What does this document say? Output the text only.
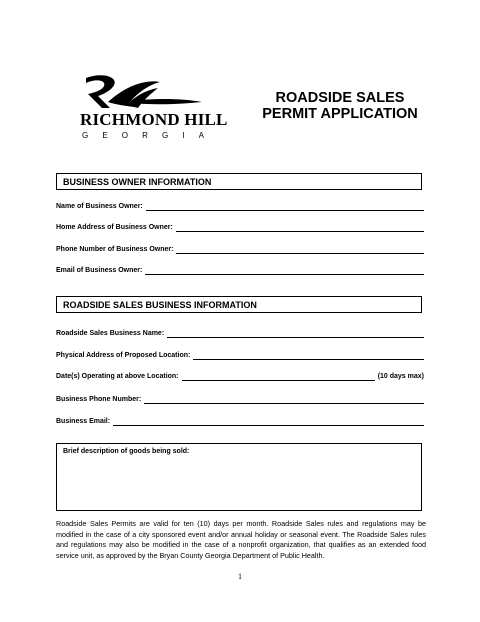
RICHMOND HILL
G E O R G I A
ROADSIDE SALES
PERMIT APPLICATION
BUSINESS OWNER INFORMATION
Name of Business Owner:
Home Address of Business Owner:
Phone Number of Business Owner:
Email of Business Owner:
ROADSIDE SALES BUSINESS INFORMATION
Roadside Sales Business Name:
Physical Address of Proposed Location:
Date(s) Operating at above Location:	(10 days max)
Business Phone Number:
Business Email:
Brief description of goods being sold:
Roadside Sales Permits are valid for ten (10) days per month. Roadside Sales rules and regulations may be modified in the case of a city sponsored event and/or annual holiday or seasonal event. The Roadside Sales rules and regulations may also be modified in the case of a nonprofit organization, that qualifies as an extended food service unit, as approved by the Bryan County Georgia Department of Public Health.
1
